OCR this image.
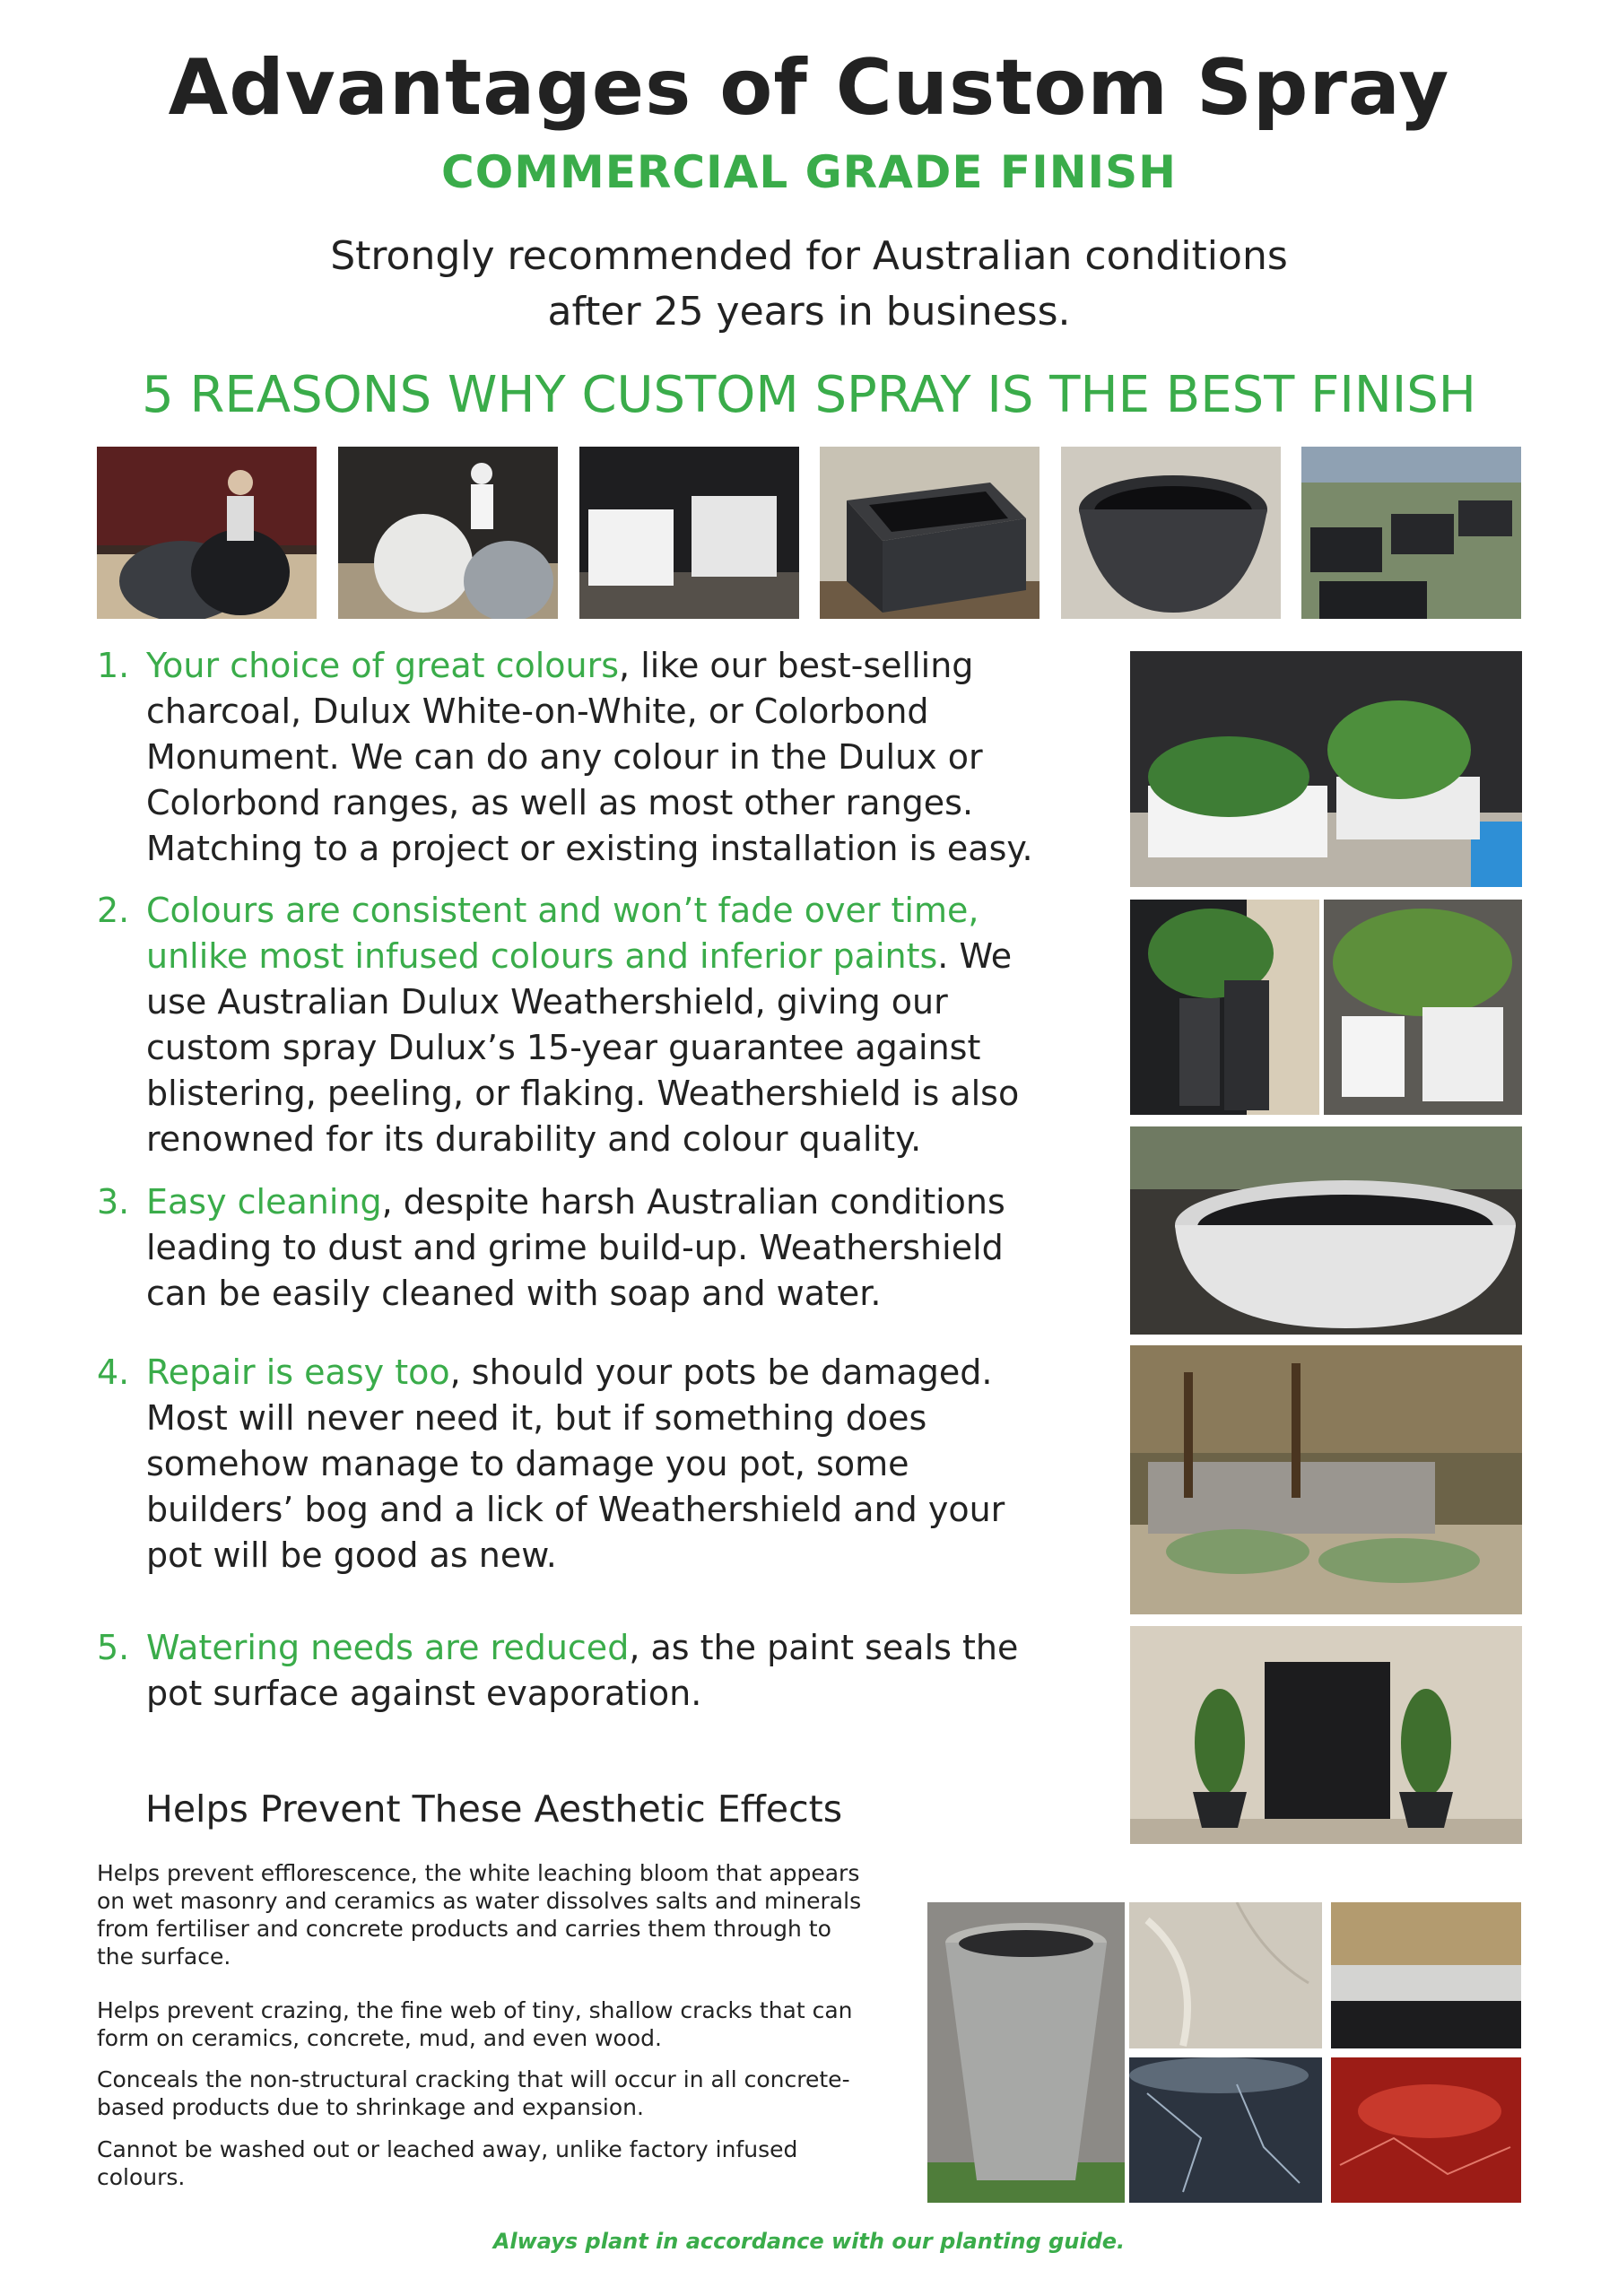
Advantages of Custom Spray
COMMERCIAL GRADE FINISH
Strongly recommended for Australian conditions
after 25 years in business.
5 REASONS WHY CUSTOM SPRAY IS THE BEST FINISH
1. Your choice of great colours, like our best-selling charcoal, Dulux White-on-White, or Colorbond Monument. We can do any colour in the Dulux or Colorbond ranges, as well as most other ranges. Matching to a project or existing installation is easy.
2. Colours are consistent and won’t fade over time, unlike most infused colours and inferior paints. We use Australian Dulux Weathershield, giving our custom spray Dulux’s 15-year guarantee against blistering, peeling, or flaking. Weathershield is also renowned for its durability and colour quality.
3. Easy cleaning, despite harsh Australian conditions leading to dust and grime build-up. Weathershield can be easily cleaned with soap and water.
4. Repair is easy too, should your pots be damaged. Most will never need it, but if something does somehow manage to damage you pot, some builders’ bog and a lick of Weathershield and your pot will be good as new.
5. Watering needs are reduced, as the paint seals the pot surface against evaporation.
Helps Prevent These Aesthetic Effects
Helps prevent efflorescence, the white leaching bloom that appears on wet masonry and ceramics as water dissolves salts and minerals from fertiliser and concrete products and carries them through to the surface.
Helps prevent crazing, the fine web of tiny, shallow cracks that can form on ceramics, concrete, mud, and even wood.
Conceals the non-structural cracking that will occur in all concrete-based products due to shrinkage and expansion.
Cannot be washed out or leached away, unlike factory infused colours.
Always plant in accordance with our planting guide.
